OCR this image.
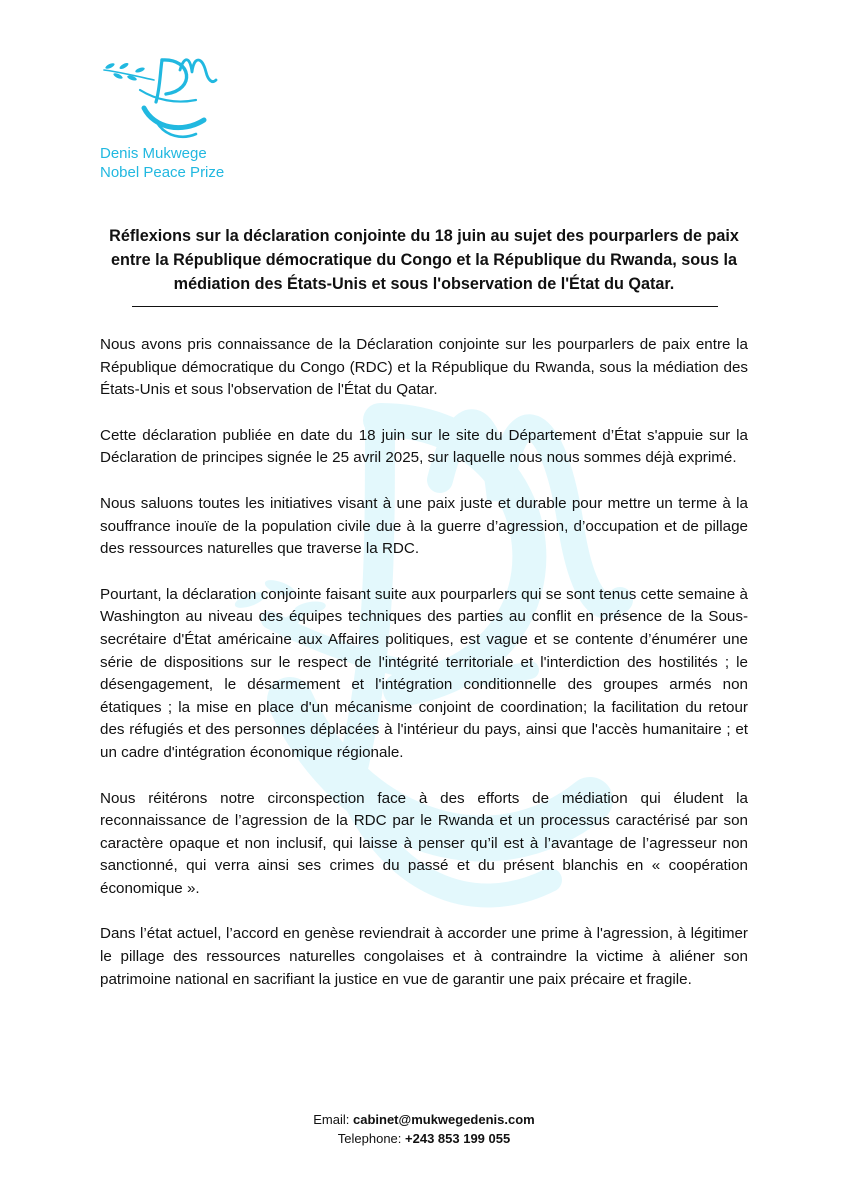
Denis Mukwege
Nobel Peace Prize
Réflexions sur la déclaration conjointe du 18 juin au sujet des pourparlers de paix entre la République démocratique du Congo et la République du Rwanda, sous la médiation des États-Unis et sous l'observation de l'État du Qatar.

Nous avons pris connaissance de la Déclaration conjointe sur les pourparlers de paix entre la République démocratique du Congo (RDC) et la République du Rwanda, sous la médiation des États-Unis et sous l'observation de l'État du Qatar.

Cette déclaration publiée en date du 18 juin sur le site du Département d’État s'appuie sur la Déclaration de principes signée le 25 avril 2025, sur laquelle nous nous sommes déjà exprimé.

Nous saluons toutes les initiatives visant à une paix juste et durable pour mettre un terme à la souffrance inouïe de la population civile due à la guerre d’agression, d’occupation et de pillage des ressources naturelles que traverse la RDC.

Pourtant, la déclaration conjointe faisant suite aux pourparlers qui se sont tenus cette semaine à Washington au niveau des équipes techniques des parties au conflit en présence de la Sous-secrétaire d'État américaine aux Affaires politiques, est vague et se contente d’énumérer une série de dispositions sur le respect de l'intégrité territoriale et l'interdiction des hostilités ; le désengagement, le désarmement et l'intégration conditionnelle des groupes armés non étatiques ; la mise en place d'un mécanisme conjoint de coordination; la facilitation du retour des réfugiés et des personnes déplacées à l'intérieur du pays, ainsi que l'accès humanitaire ; et un cadre d'intégration économique régionale.

Nous réitérons notre circonspection face à des efforts de médiation qui éludent la reconnaissance de l’agression de la RDC par le Rwanda et un processus caractérisé par son caractère opaque et non inclusif, qui laisse à penser qu’il est à l’avantage de l’agresseur non sanctionné, qui verra ainsi ses crimes du passé et du présent blanchis en « coopération économique ».

Dans l’état actuel, l’accord en genèse reviendrait à accorder une prime à l'agression, à légitimer le pillage des ressources naturelles congolaises et à contraindre la victime à aliéner son patrimoine national en sacrifiant la justice en vue de garantir une paix précaire et fragile.

Email: cabinet@mukwegedenis.com
Telephone: +243 853 199 055
